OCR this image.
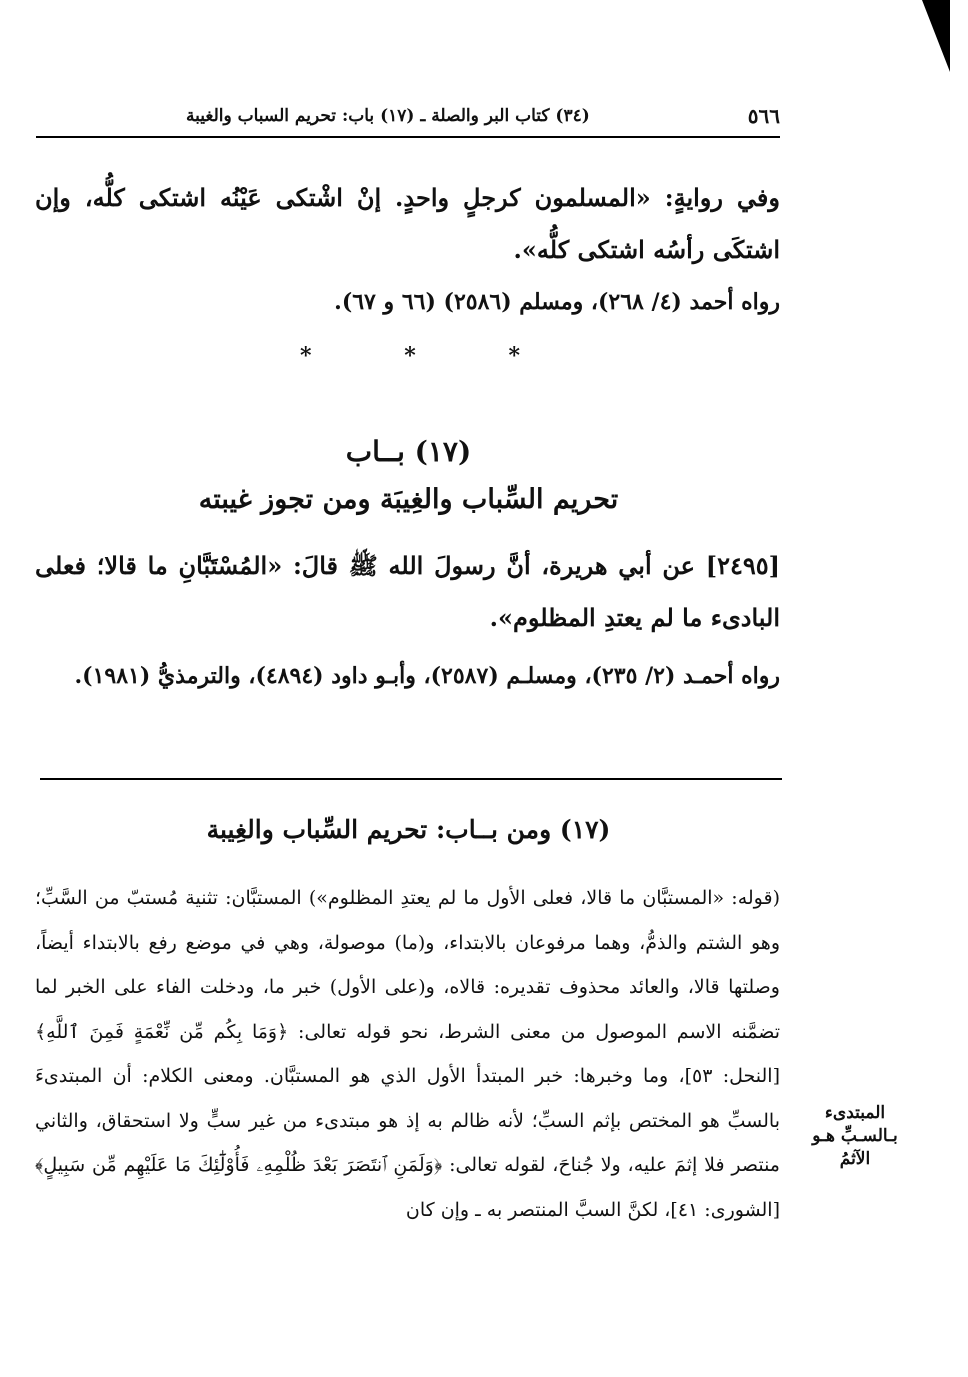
٥٦٦
(٣٤) كتاب البر والصلة ـ (١٧) باب: تحريم السباب والغيبة

وفي روايةٍ: «المسلمون كرجلٍ واحدٍ. إنْ اشْتكى عَيْنُه اشتكى كلُّه، وإن اشتكَى رأسُه اشتكى كلُّه».

رواه أحمد (٤/ ٢٦٨)، ومسلم (٢٥٨٦) (٦٦ و ٦٧).

*	*	*
(١٧) بــاب
تحريم السِّباب والغِيبَة ومن تجوز غيبته

[٢٤٩٥] عن أبي هريرة، أنَّ رسولَ الله ﷺ قالَ: «المُسْتَبَّانِ ما قالا؛ فعلى البادىء ما لم يعتدِ المظلوم».

رواه أحمـد (٢/ ٢٣٥)، ومسلـم (٢٥٨٧)، وأبـو داود (٤٨٩٤)، والترمذيُّ (١٩٨١).

(١٧) ومن بــاب: تحريم السِّباب والغِيبة

(قوله: «المستبَّان ما قالا، فعلى الأول ما لم يعتدِ المظلوم») المستبَّان: تثنية مُستبّ من السَّبِّ؛ وهو الشتم والذمُّ، وهما مرفوعان بالابتداء، و(ما) موصولة، وهي في موضع رفع بالابتداء أيضاً، وصلتها قالا، والعائد محذوف تقديره: قالاه، و(على الأول) خبر ما، ودخلت الفاء على الخبر لما تضمَّنه الاسم الموصول من معنى الشرط، نحو قوله تعالى: ﴿وَمَا بِكُم مِّن نِّعْمَةٍ فَمِنَ ٱللَّهِ﴾ [النحل: ٥٣]، وما وخبرها: خبر المبتدأ الأول الذي هو المستبَّان. ومعنى الكلام: أن المبتدىءَ بالسبِّ هو المختص بإثم السبِّ؛ لأنه ظالم به إذ هو مبتدىء من غير سبٍّ ولا استحقاق، والثاني منتصر فلا إثمَ عليه، ولا جُناحَ، لقوله تعالى: ﴿وَلَمَنِ ٱنتَصَرَ بَعْدَ ظُلْمِهِۦ فَأُوْلَٰٓئِكَ مَا عَلَيْهِم مِّن سَبِيلٍ﴾ [الشورى: ٤١]، لكنَّ السبَّ المنتصر به ـ وإن كان

المبتدىء
بـالسـبِّ هـو
الآثمُ
